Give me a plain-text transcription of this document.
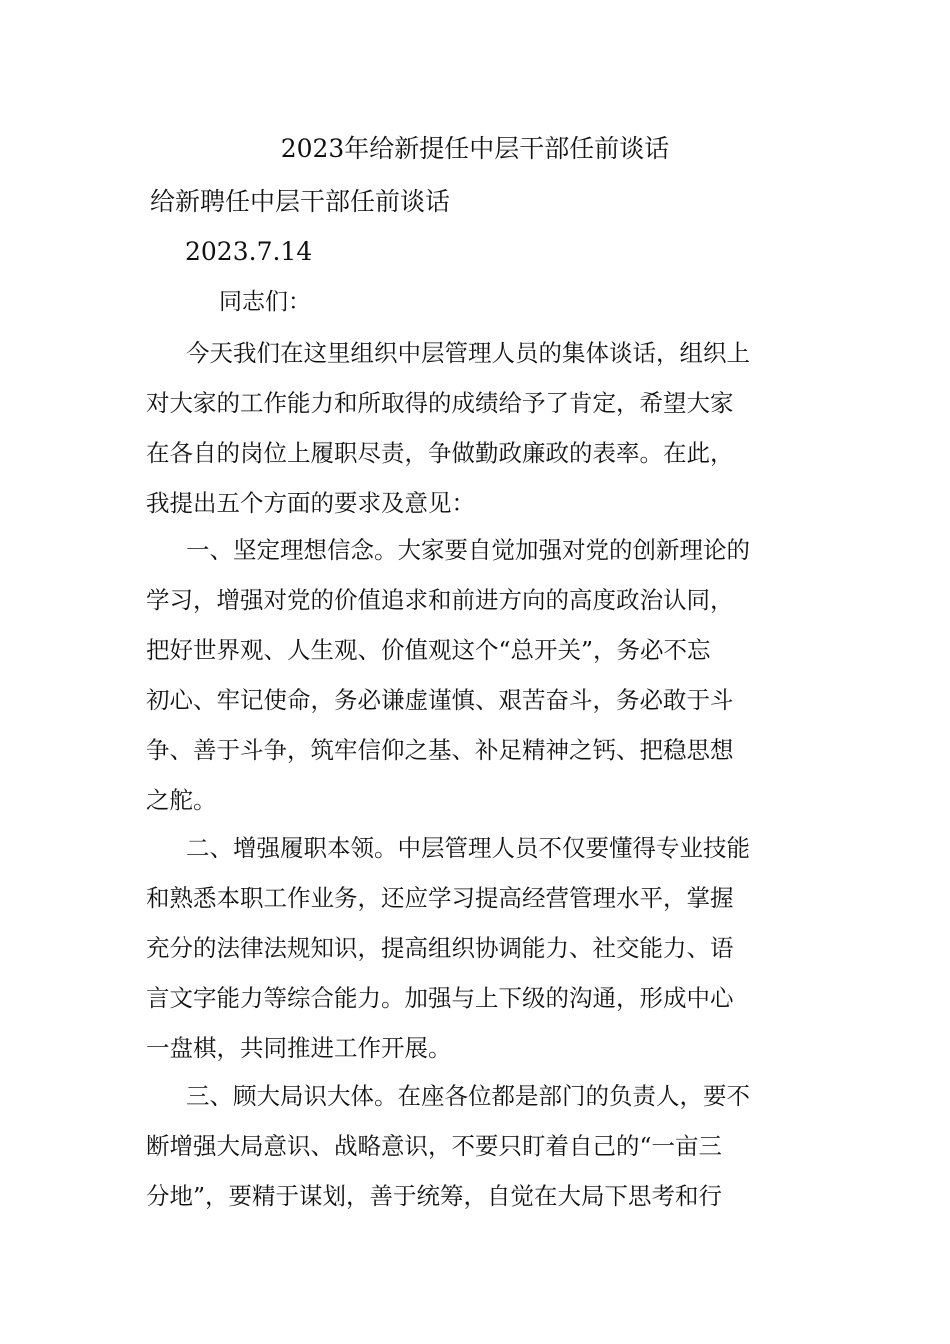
2023年给新提任中层干部任前谈话
给新聘任中层干部任前谈话
2023.7.14
同志们：
今天我们在这里组织中层管理人员的集体谈话，组织上
对大家的工作能力和所取得的成绩给予了肯定，希望大家
在各自的岗位上履职尽责，争做勤政廉政的表率。在此，
我提出五个方面的要求及意见：
一、坚定理想信念。大家要自觉加强对党的创新理论的
学习，增强对党的价值追求和前进方向的高度政治认同，
把好世界观、人生观、价值观这个“总开关”，务必不忘
初心、牢记使命，务必谦虚谨慎、艰苦奋斗，务必敢于斗
争、善于斗争，筑牢信仰之基、补足精神之钙、把稳思想
之舵。
二、增强履职本领。中层管理人员不仅要懂得专业技能
和熟悉本职工作业务，还应学习提高经营管理水平，掌握
充分的法律法规知识，提高组织协调能力、社交能力、语
言文字能力等综合能力。加强与上下级的沟通，形成中心
一盘棋，共同推进工作开展。
三、顾大局识大体。在座各位都是部门的负责人，要不
断增强大局意识、战略意识，不要只盯着自己的“一亩三
分地”，要精于谋划，善于统筹，自觉在大局下思考和行
